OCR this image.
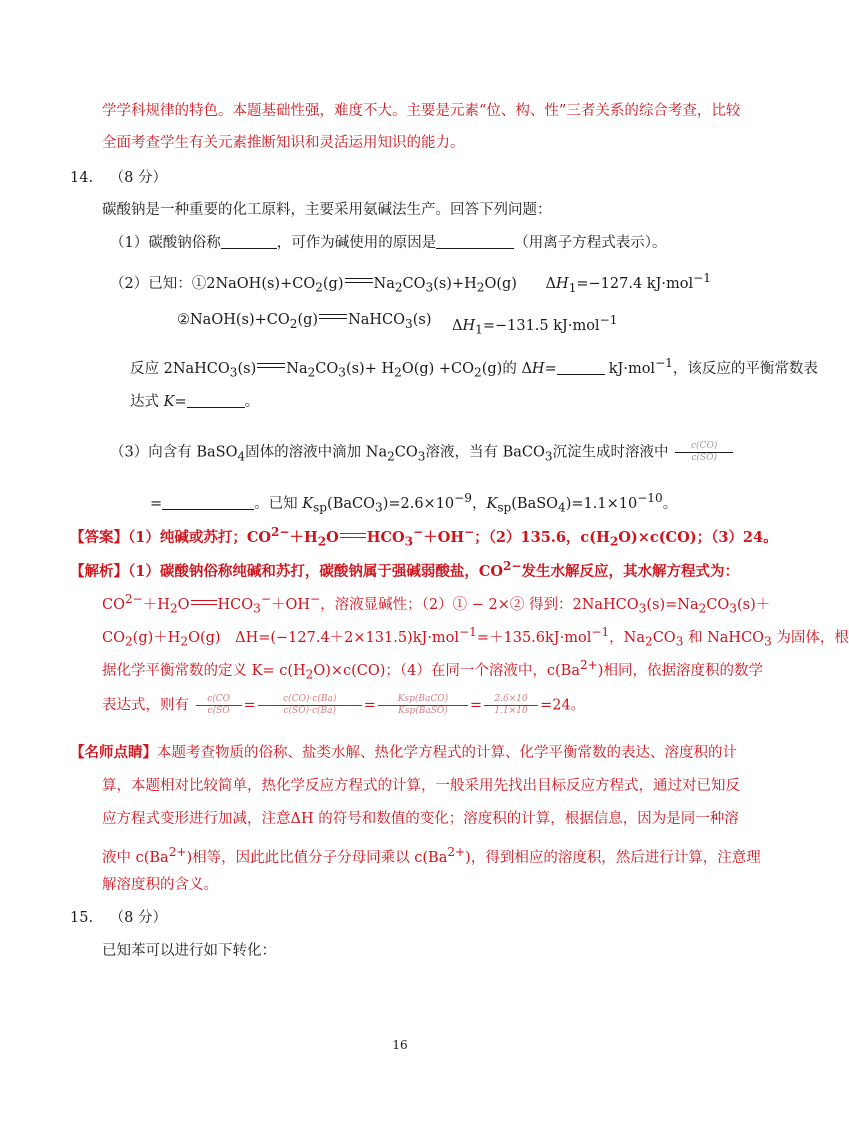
学学科规律的特色。本题基础性强，难度不大。主要是元素“位、构、性”三者关系的综合考查，比较
全面考查学生有关元素推断知识和灵活运用知识的能力。
14. （8 分）
碳酸钠是一种重要的化工原料，主要采用氨碱法生产。回答下列问题：
（1）碳酸钠俗称	，可作为碱使用的原因是	（用离子方程式表示）。
（2）已知：$①2NaOH(s)+CO_2(g)$ $Na_2CO_3(s)+H_2O(g)$ $\Delta H_1=-127.4$ kJ·mol$^{-1}$
$②NaOH(s)+CO_2(g)$ NaHCO$_3$(s) $\Delta H_1=-131.5$ kJ·mol$^{-1}$
反应 2NaHCO$_3$(s) $Na_2CO_3(s)+ H_2O(g) +CO_2(g)$的 ΔH=	kJ·mol$^{-1}$，该反应的平衡常数表
达式 K=	。
（3）向含有 BaSO$_4$固体的溶液中滴加 $Na_2CO_3$溶液，当有 BaCO$_3$沉淀生成时溶液中 $\frac{c(CO)}{c(SO)}$
=	。已知 $K_{sp}(BaCO_3)=2.6\times 10^{-9}$，$K_{sp}(BaSO_4)=1.1\times 10^{-10}$。
【答案】（1）纯碱或苏打；$CO^{2-}+H_2O$ $HCO_3^-+OH^-$；（2）135.6，$c(H_2O)\times c(CO)$；（3）24。
【解析】（1）碳酸钠俗称纯碱和苏打，碳酸钠属于强碱弱酸盐，$CO^{2-}$发生水解反应，其水解方程式为：
$CO^{2-}+H_2O$ $HCO_3^-+OH^-$，溶液显碱性；（2）① − 2×② 得到：$2NaHCO_3(s)=Na_2CO_3(s)+$
$CO_2(g)+H_2O(g)$　ΔH=(−127.4＋2×131.5)kJ·mol$^{-1}$=＋135.6kJ·mol$^{-1}$，$Na_2CO_3$ 和 NaHCO$_3$ 为固体，根
据化学平衡常数的定义 $K= c(H_2O)\times c(CO)$；（4）在同一个溶液中，$c(Ba^{2+})$相同，依据溶度积的数学
表达式，则有 $\frac{c(CO}{c(SO} = \frac{c(CO)\cdot c(Ba)}{c(SO)\cdot c(Ba)} = \frac{\text{Ksp(BaCO)}}{\text{Ksp(BaSO)}} = \frac{2.6\times 10}{1.1\times 10} =24$。
【名师点睛】本题考查物质的俗称、盐类水解、热化学方程式的计算、化学平衡常数的表达、溶度积的计
算，本题相对比较简单，热化学反应方程式的计算，一般采用先找出目标反应方程式，通过对已知反
应方程式变形进行加减，注意ΔH 的符号和数值的变化；溶度积的计算，根据信息，因为是同一种溶
液中 $c(Ba^{2+})$相等，因此此比值分子分母同乘以 $c(Ba^{2+})$，得到相应的溶度积，然后进行计算，注意理
解溶度积的含义。
15. （8 分）
已知苯可以进行如下转化：
16
